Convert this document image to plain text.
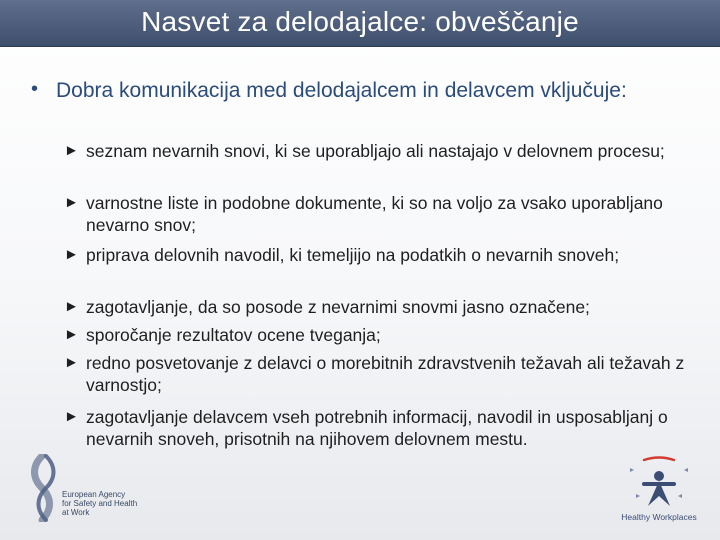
Nasvet za delodajalce: obveščanje
• Dobra komunikacija med delodajalcem in delavcem vključuje:
► seznam nevarnih snovi, ki se uporabljajo ali nastajajo v delovnem procesu;
► varnostne liste in podobne dokumente, ki so na voljo za vsako uporabljano nevarno snov;
► priprava delovnih navodil, ki temeljijo na podatkih o nevarnih snoveh;
► zagotavljanje, da so posode z nevarnimi snovmi jasno označene;
► sporočanje rezultatov ocene tveganja;
► redno posvetovanje z delavci o morebitnih zdravstvenih težavah ali težavah z varnostjo;
► zagotavljanje delavcem vseh potrebnih informacij, navodil in usposabljanj o nevarnih snoveh, prisotnih na njihovem delovnem mestu.
European Agency
for Safety and Health
at Work	Healthy Workplaces
